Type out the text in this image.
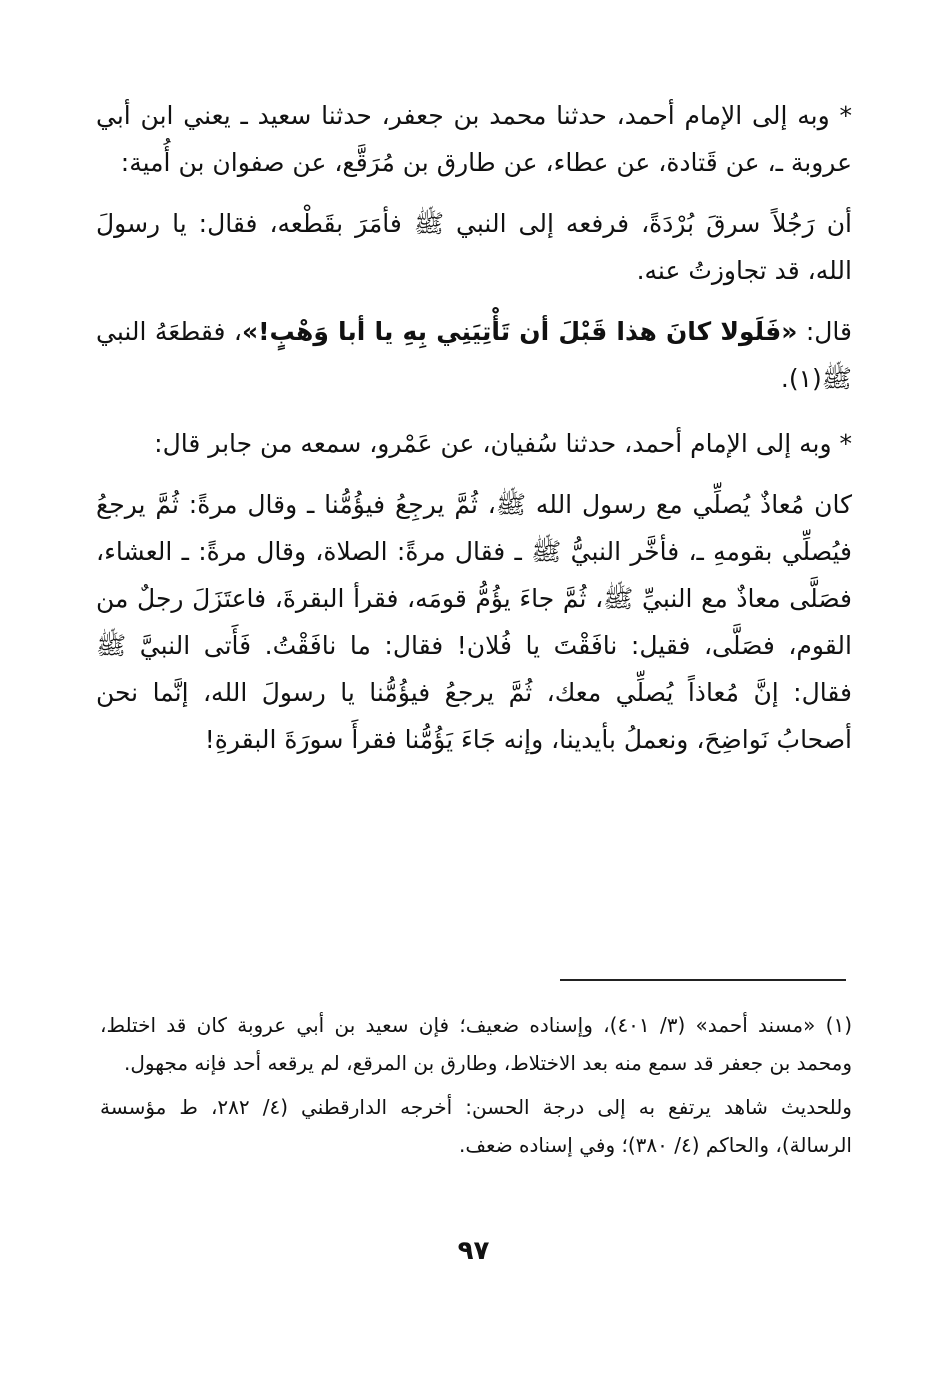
* وبه إلى الإمام أحمد، حدثنا محمد بن جعفر، حدثنا سعيد ـ يعني ابن أبي عروبة ـ، عن قَتادة، عن عطاء، عن طارق بن مُرَقَّع، عن صفوان بن أُمية:

أن رَجُلاً سرقَ بُرْدَةً، فرفعه إلى النبي ﷺ فأمَرَ بقَطْعه، فقال: يا رسولَ الله، قد تجاوزتُ عنه.

قال: «فَلَولا كانَ هذا قَبْلَ أن تَأْتِيَنِي بِهِ يا أبا وَهْبٍ!»، فقطعَهُ النبي ﷺ(١).

* وبه إلى الإمام أحمد، حدثنا سُفيان، عن عَمْرو، سمعه من جابر قال:

كان مُعاذٌ يُصلِّي مع رسول الله ﷺ، ثُمَّ يرجِعُ فيؤُمُّنا ـ وقال مرةً: ثُمَّ يرجعُ فيُصلِّي بقومهِ ـ، فأخَّر النبيُّ ﷺ ـ فقال مرةً: الصلاة، وقال مرةً: ـ العشاء، فصَلَّى معاذٌ مع النبيِّ ﷺ، ثُمَّ جاءَ يؤُمُّ قومَه، فقرأ البقرةَ، فاعتَزَلَ رجلٌ من القوم، فصَلَّى، فقيل: نافَقْتَ يا فُلان! فقال: ما نافَقْتُ. فَأَتى النبيَّ ﷺ فقال: إنَّ مُعاذاً يُصلِّي معك، ثُمَّ يرجعُ فيؤُمُّنا يا رسولَ الله، إنَّما نحن أصحابُ نَواضِحَ، ونعملُ بأيدينا، وإنه جَاءَ يَؤُمُّنا فقرأَ سورَةَ البقرةِ!

(١) «مسند أحمد» (٣/ ٤٠١)، وإسناده ضعيف؛ فإن سعيد بن أبي عروبة كان قد اختلط، ومحمد بن جعفر قد سمع منه بعد الاختلاط، وطارق بن المرقع، لم يرقعه أحد فإنه مجهول.

وللحديث شاهد يرتفع به إلى درجة الحسن: أخرجه الدارقطني (٤/ ٢٨٢، ط مؤسسة الرسالة)، والحاكم (٤/ ٣٨٠)؛ وفي إسناده ضعف.

٩٧
